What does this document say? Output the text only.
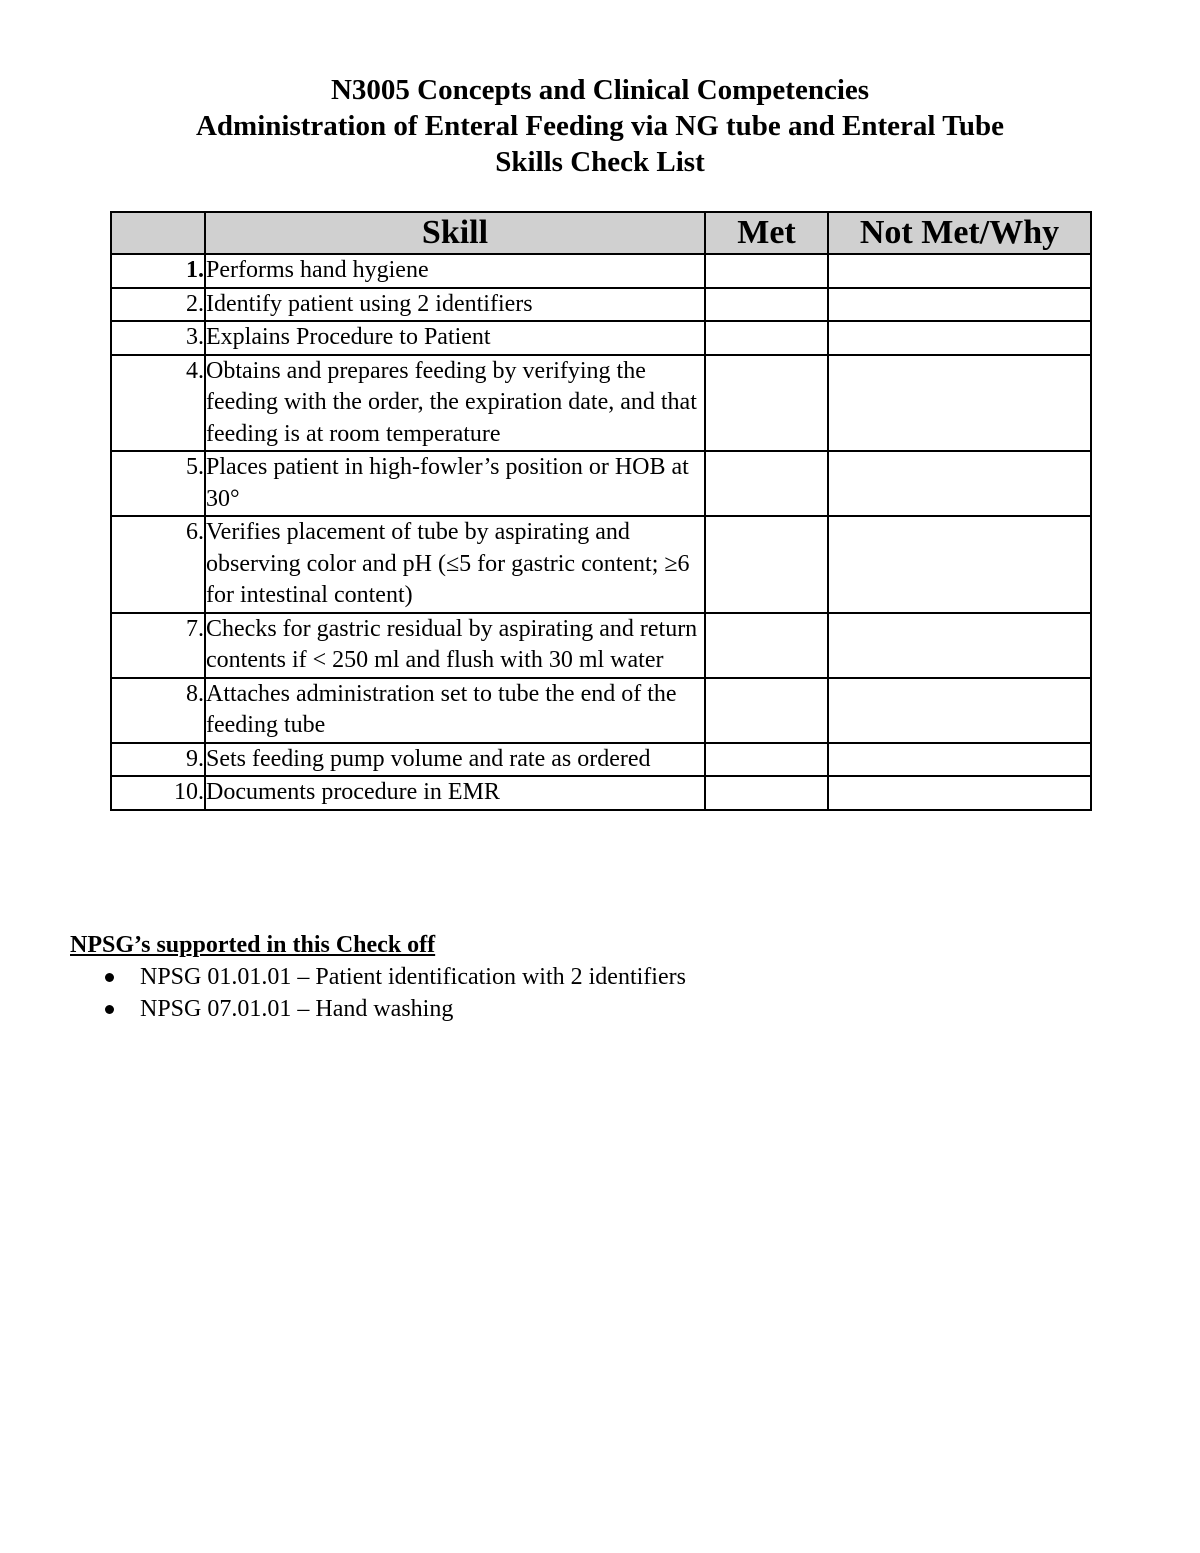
N3005 Concepts and Clinical Competencies
Administration of Enteral Feeding via NG tube and Enteral Tube
Skills Check List
	Skill	Met	Not Met/Why
1.	Performs hand hygiene		
2.	Identify patient using 2 identifiers		
3.	Explains Procedure to Patient		
4.	Obtains and prepares feeding by verifying the feeding with the order, the expiration date, and that feeding is at room temperature		
5.	Places patient in high-fowler’s position or HOB at 30°		
6.	Verifies placement of tube by aspirating and observing color and pH (≤5 for gastric content; ≥6 for intestinal content)		
7.	Checks for gastric residual by aspirating and return contents if < 250 ml and flush with 30 ml water		
8.	Attaches administration set to tube the end of the feeding tube		
9.	Sets feeding pump volume and rate as ordered		
10.	Documents procedure in EMR		
NPSG’s supported in this Check off
NPSG 01.01.01 – Patient identification with 2 identifiers
NPSG 07.01.01 – Hand washing
